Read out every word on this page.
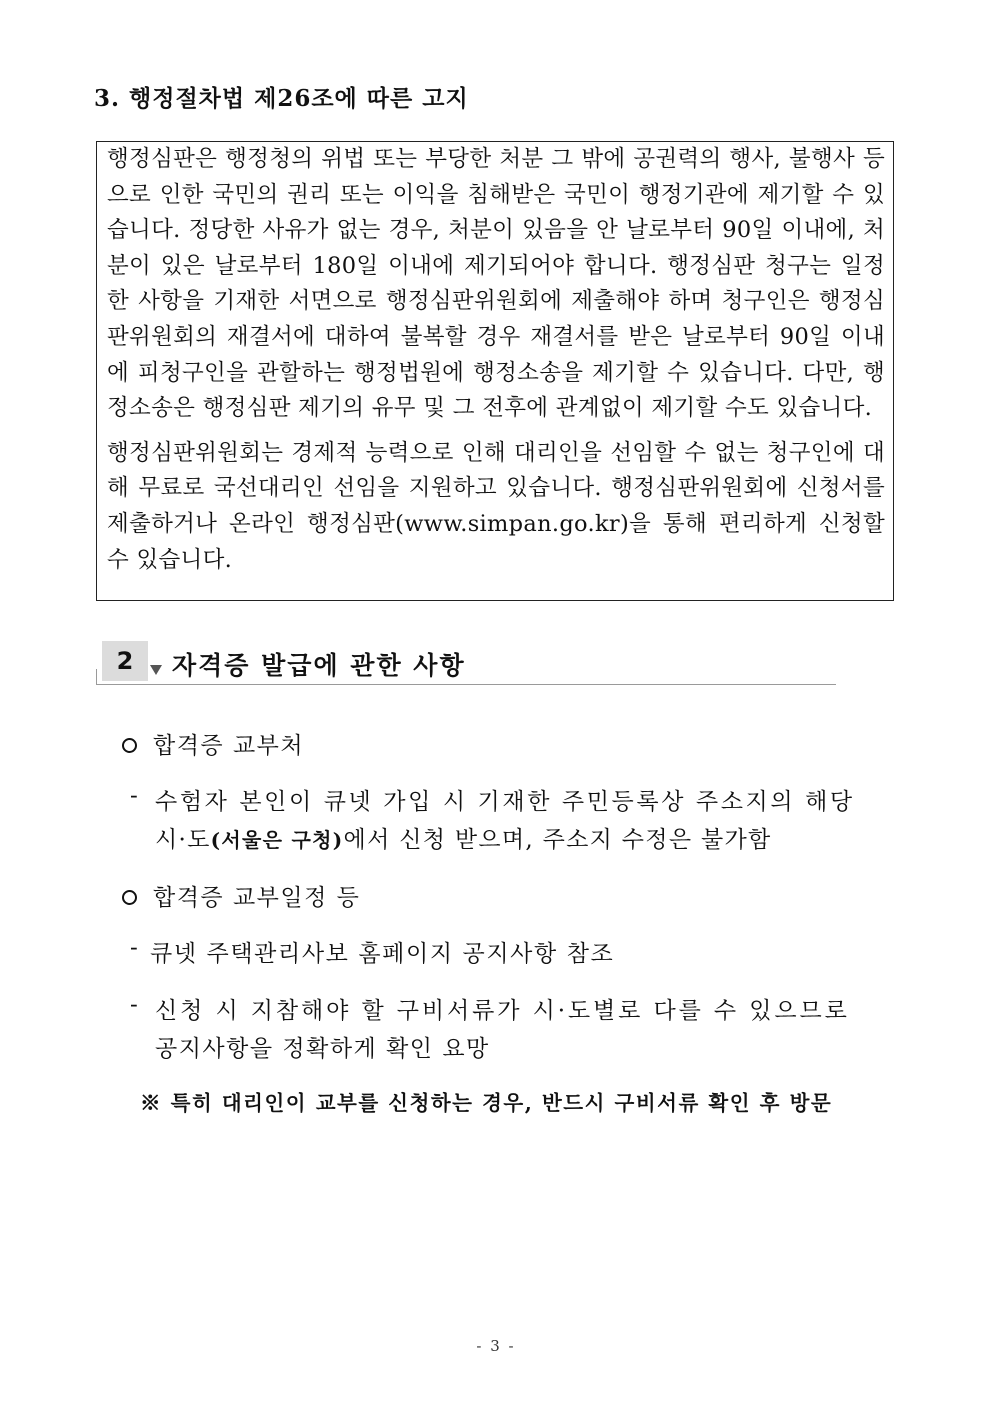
3. 행정절차법 제26조에 따른 고지

행정심판은 행정청의 위법 또는 부당한 처분 그 밖에 공권력의 행사, 불행사 등으로 인한 국민의 권리 또는 이익을 침해받은 국민이 행정기관에 제기할 수 있습니다. 정당한 사유가 없는 경우, 처분이 있음을 안 날로부터 90일 이내에, 처분이 있은 날로부터 180일 이내에 제기되어야 합니다. 행정심판 청구는 일정한 사항을 기재한 서면으로 행정심판위원회에 제출해야 하며 청구인은 행정심판위원회의 재결서에 대하여 불복할 경우 재결서를 받은 날로부터 90일 이내에 피청구인을 관할하는 행정법원에 행정소송을 제기할 수 있습니다. 다만, 행정소송은 행정심판 제기의 유무 및 그 전후에 관계없이 제기할 수도 있습니다.

행정심판위원회는 경제적 능력으로 인해 대리인을 선임할 수 없는 청구인에 대해 무료로 국선대리인 선임을 지원하고 있습니다. 행정심판위원회에 신청서를 제출하거나 온라인 행정심판(www.simpan.go.kr)을 통해 편리하게 신청할 수 있습니다.

2	자격증 발급에 관한 사항
합격증 교부처
- 수험자 본인이 큐넷 가입 시 기재한 주민등록상 주소지의 해당
시·도(서울은 구청)에서 신청 받으며, 주소지 수정은 불가함
합격증 교부일정 등
- 큐넷 주택관리사보 홈페이지 공지사항 참조
- 신청 시 지참해야 할 구비서류가 시·도별로 다를 수 있으므로
공지사항을 정확하게 확인 요망
※ 특히 대리인이 교부를 신청하는 경우, 반드시 구비서류 확인 후 방문
- 3 -
